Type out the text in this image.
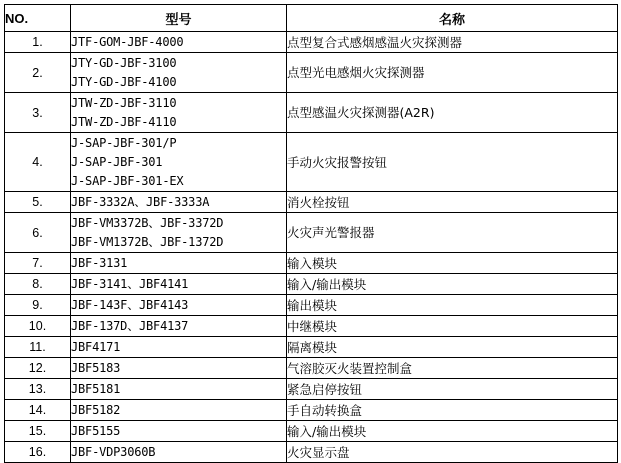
NO.	型号	名称
1.	JTF-GOM-JBF-4000	点型复合式感烟感温火灾探测器
2.	JTY-GD-JBF-3100
JTY-GD-JBF-4100	点型光电感烟火灾探测器
3.	JTW-ZD-JBF-3110
JTW-ZD-JBF-4110	点型感温火灾探测器(A2R)
4.	J-SAP-JBF-301/P
J-SAP-JBF-301
J-SAP-JBF-301-EX	手动火灾报警按钮
5.	JBF-3332A、JBF-3333A	消火栓按钮
6.	JBF-VM3372B、JBF-3372D
JBF-VM1372B、JBF-1372D	火灾声光警报器
7.	JBF-3131	输入模块
8.	JBF-3141、JBF4141	输入/输出模块
9.	JBF-143F、JBF4143	输出模块
10.	JBF-137D、JBF4137	中继模块
11.	JBF4171	隔离模块
12.	JBF5183	气溶胶灭火装置控制盒
13.	JBF5181	紧急启停按钮
14.	JBF5182	手自动转换盒
15.	JBF5155	输入/输出模块
16.	JBF-VDP3060B	火灾显示盘
